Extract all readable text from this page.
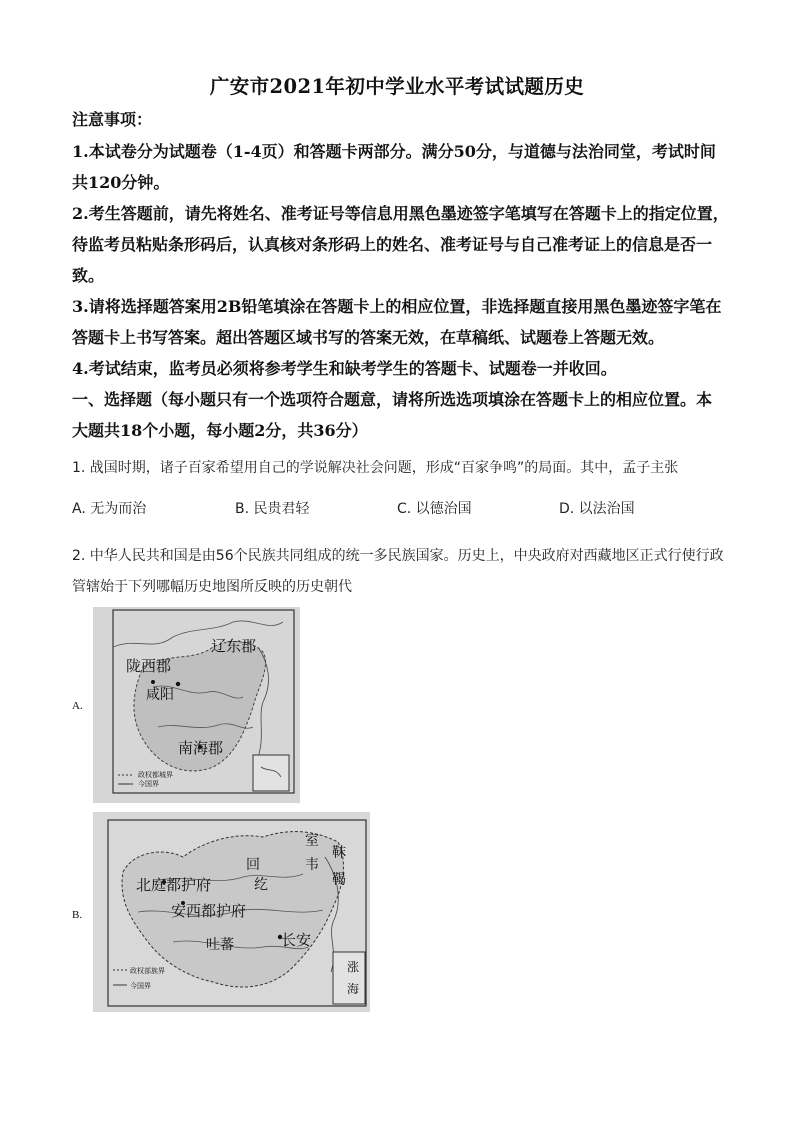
广安市2021年初中学业水平考试试题历史
注意事项：
1.本试卷分为试题卷（1-4页）和答题卡两部分。满分50分，与道德与法治同堂，考试时间
共120分钟。
2.考生答题前，请先将姓名、准考证号等信息用黑色墨迹签字笔填写在答题卡上的指定位置，
待监考员粘贴条形码后，认真核对条形码上的姓名、准考证号与自己准考证上的信息是否一
致。
3.请将选择题答案用2B铅笔填涂在答题卡上的相应位置，非选择题直接用黑色墨迹签字笔在
答题卡上书写答案。超出答题区域书写的答案无效，在草稿纸、试题卷上答题无效。
4.考试结束，监考员必须将参考学生和缺考学生的答题卡、试题卷一并收回。
一、选择题（每小题只有一个选项符合题意，请将所选选项填涂在答题卡上的相应位置。本
大题共18个小题，每小题2分，共36分）
1. 战国时期，诸子百家希望用自己的学说解决社会问题，形成“百家争鸣”的局面。其中，孟子主张
A. 无为而治	B. 民贵君轻	C. 以德治国	D. 以法治国
2. 中华人民共和国是由56个民族共同组成的统一多民族国家。历史上，中央政府对西藏地区正式行使行政
管辖始于下列哪幅历史地图所反映的历史朝代
A.
辽东郡
陇西郡
咸阳
南海郡
政权都城界
今国界
B.
室
韦
靺
鞨
回
纥
北庭都护府
安西都护府
吐蕃	长安
涨
海
政权部族界
今国界
